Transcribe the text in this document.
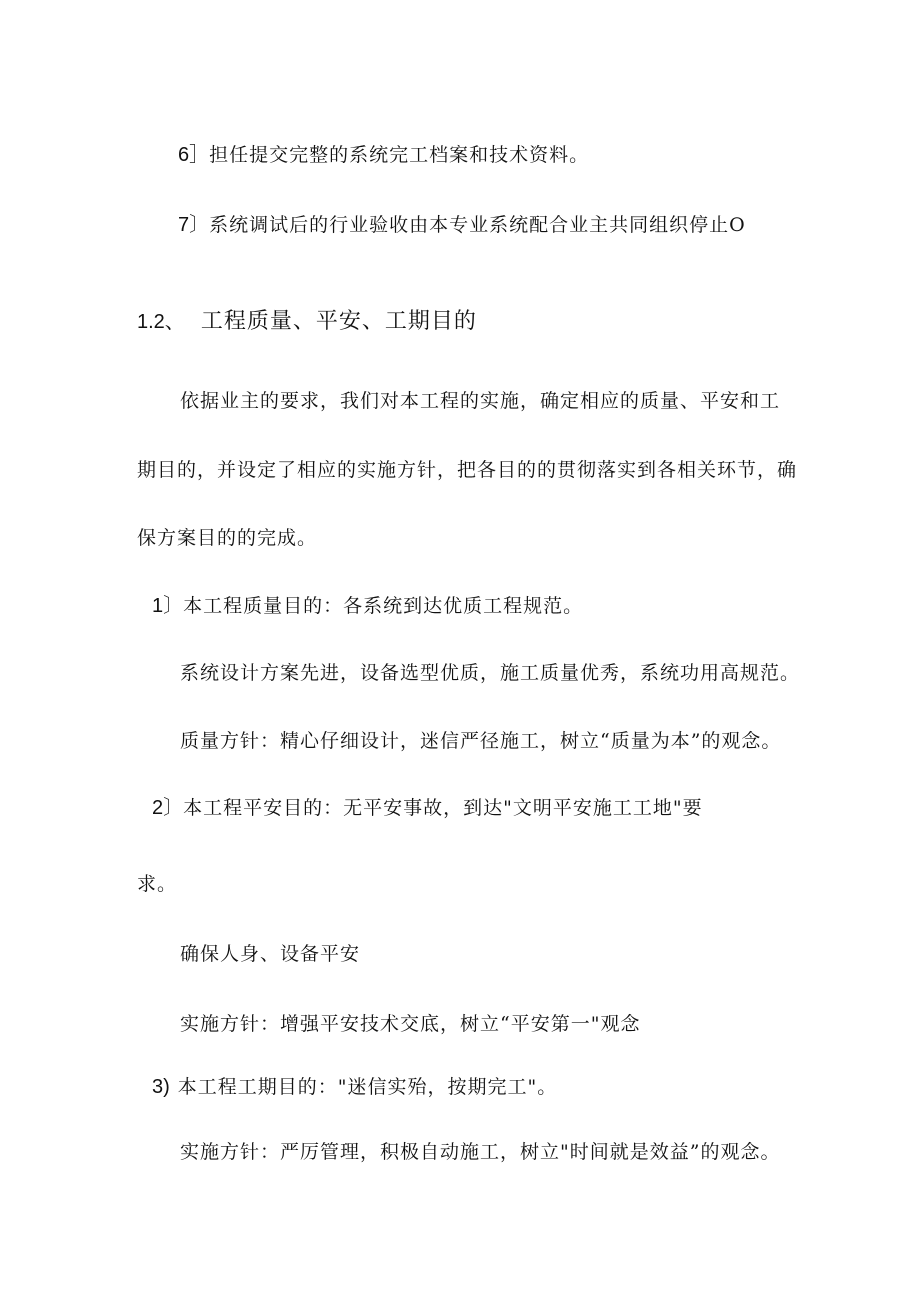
6］担任提交完整的系统完工档案和技术资料。
7〕系统调试后的行业验收由本专业系统配合业主共同组织停止O
1.2、 工程质量、平安、工期目的
依据业主的要求，我们对本工程的实施，确定相应的质量、平安和工
期目的，并设定了相应的实施方针，把各目的的贯彻落实到各相关环节，确
保方案目的的完成。
1〕本工程质量目的：各系统到达优质工程规范。
系统设计方案先进，设备选型优质，施工质量优秀，系统功用高规范。
质量方针：精心仔细设计，迷信严径施工，树立“质量为本”的观念。
2〕本工程平安目的：无平安事故，到达"文明平安施工工地"要
求。
确保人身、设备平安
实施方针：增强平安技术交底，树立“平安第一"观念
3) 本工程工期目的："迷信实殆，按期完工"。
实施方针：严厉管理，积极自动施工，树立"时间就是效益”的观念。
